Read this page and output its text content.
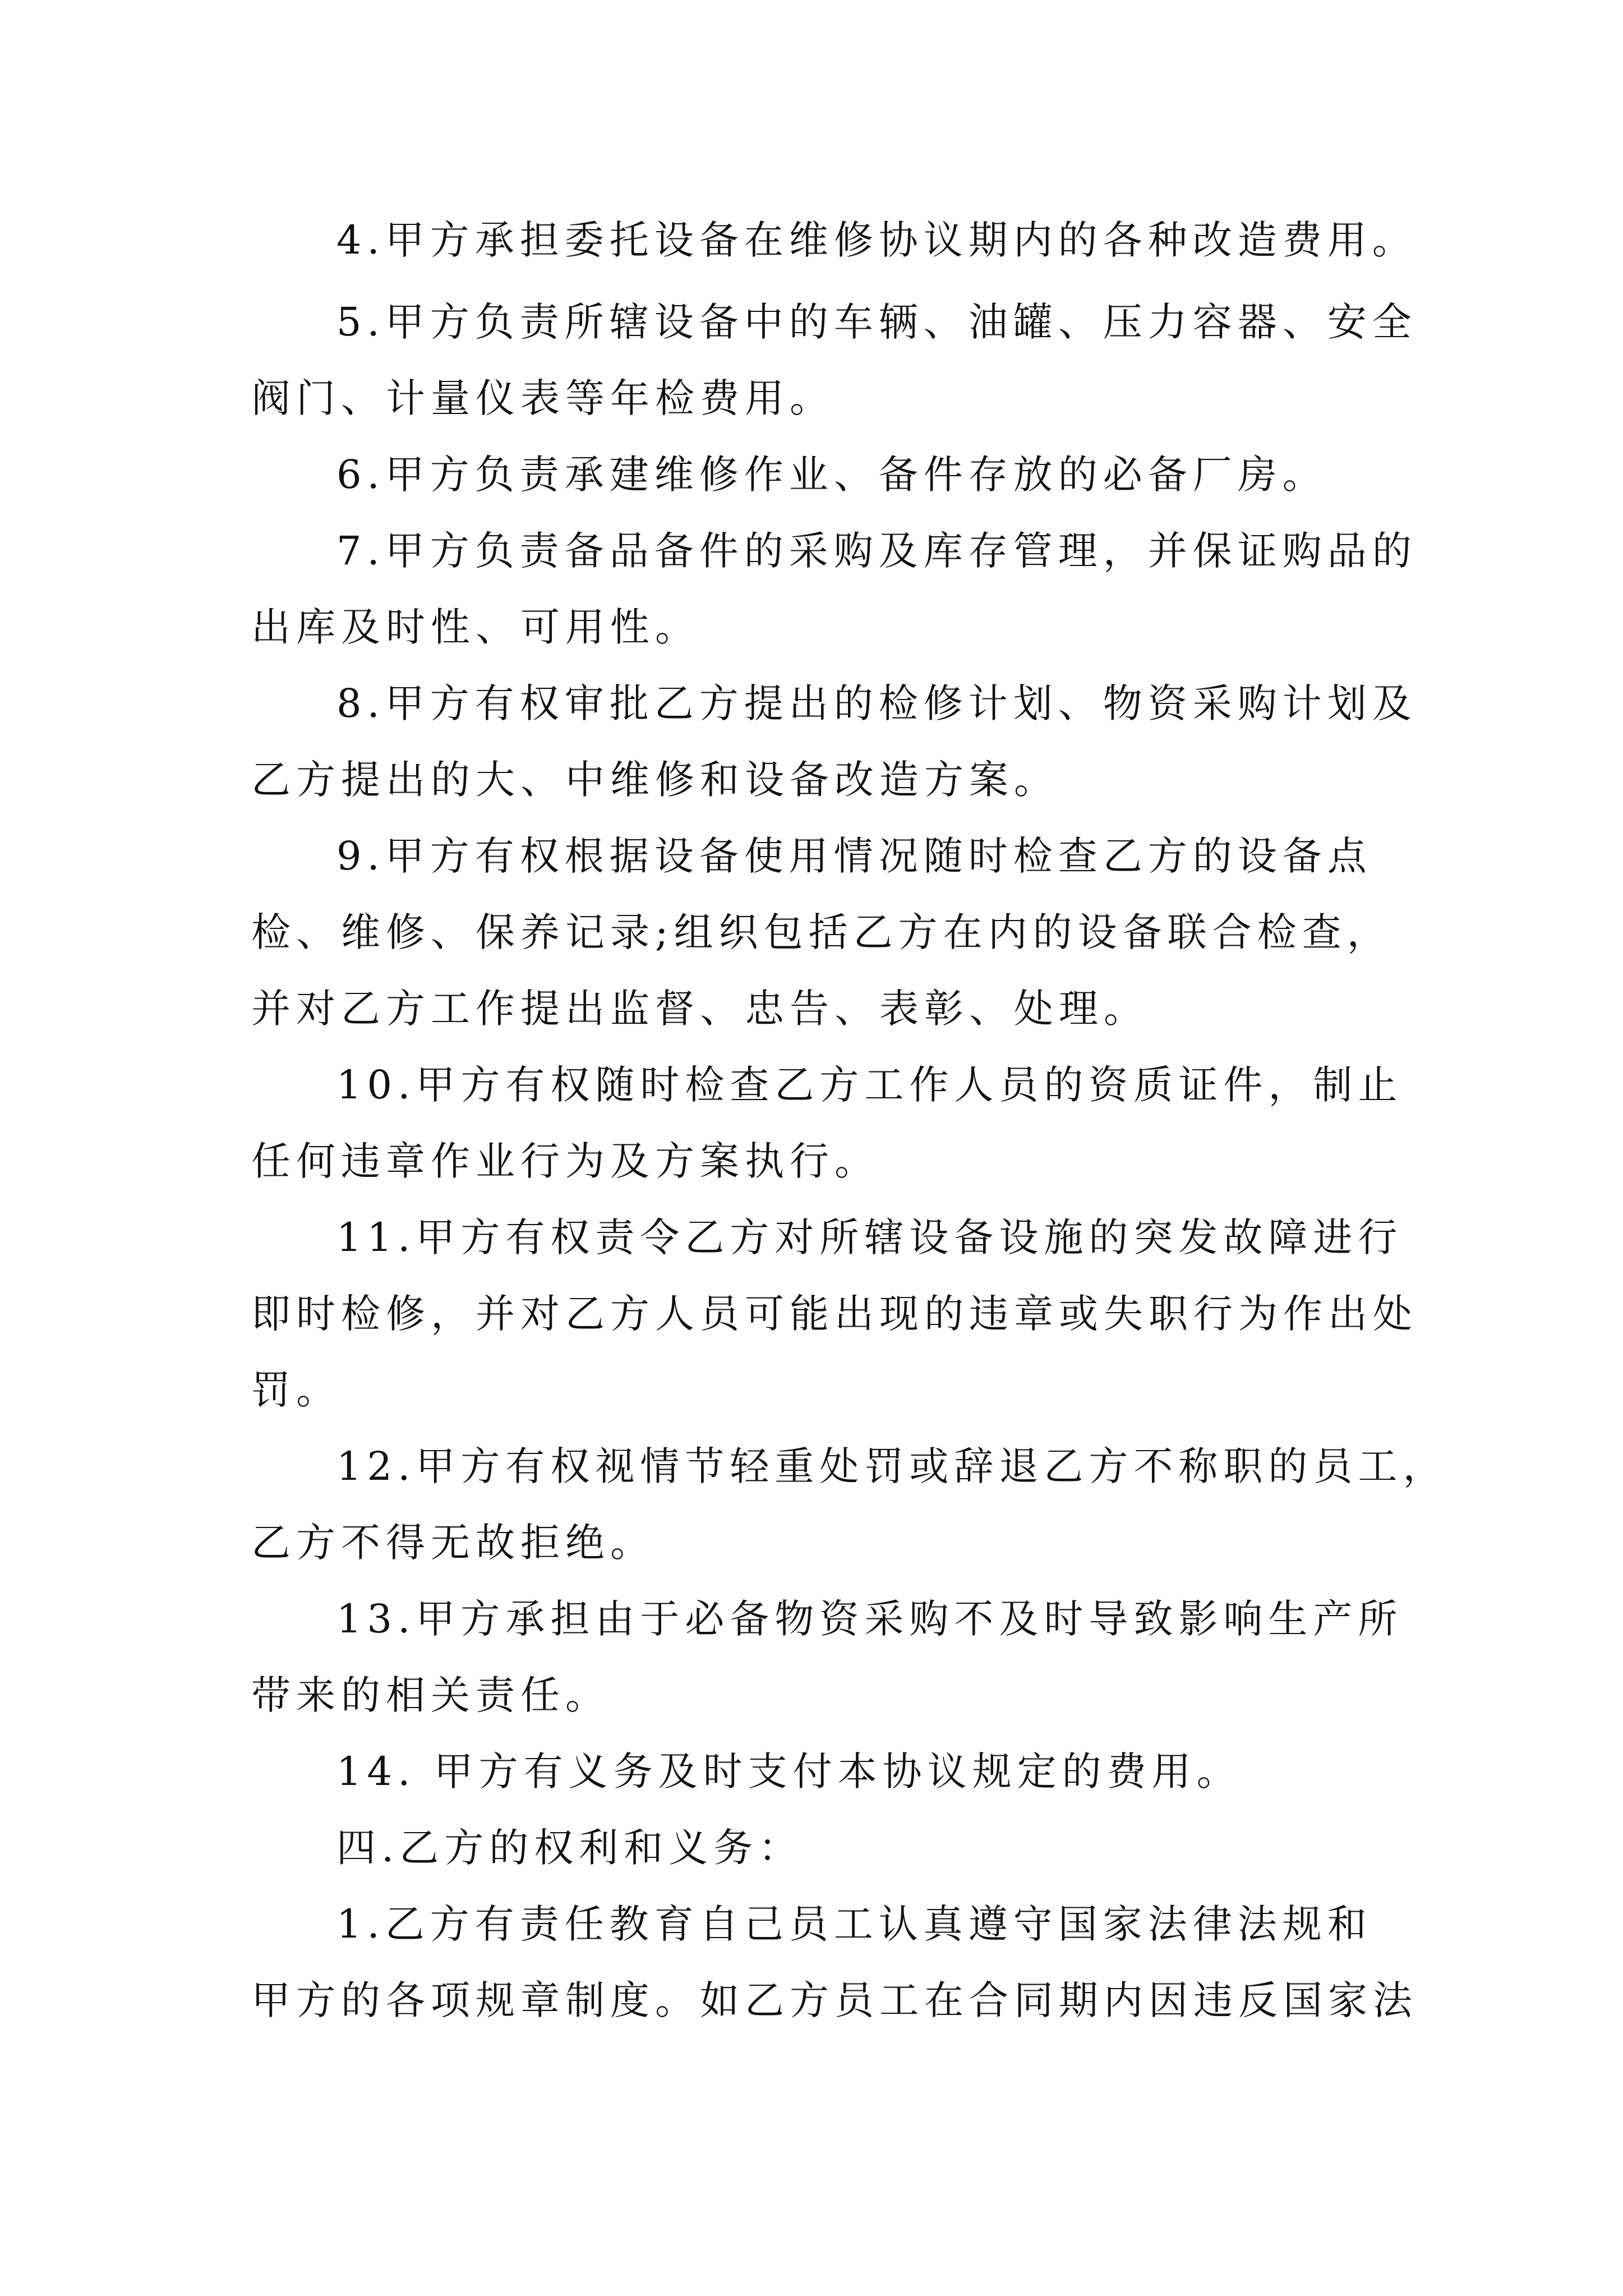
4.甲方承担委托设备在维修协议期内的各种改造费用。
5.甲方负责所辖设备中的车辆、油罐、压力容器、安全
阀门、计量仪表等年检费用。
6.甲方负责承建维修作业、备件存放的必备厂房。
7.甲方负责备品备件的采购及库存管理，并保证购品的
出库及时性、可用性。
8.甲方有权审批乙方提出的检修计划、物资采购计划及
乙方提出的大、中维修和设备改造方案。
9.甲方有权根据设备使用情况随时检查乙方的设备点
检、维修、保养记录;组织包括乙方在内的设备联合检查，
并对乙方工作提出监督、忠告、表彰、处理。
10.甲方有权随时检查乙方工作人员的资质证件，制止
任何违章作业行为及方案执行。
11.甲方有权责令乙方对所辖设备设施的突发故障进行
即时检修，并对乙方人员可能出现的违章或失职行为作出处
罚。
12.甲方有权视情节轻重处罚或辞退乙方不称职的员工，
乙方不得无故拒绝。
13.甲方承担由于必备物资采购不及时导致影响生产所
带来的相关责任。
14. 甲方有义务及时支付本协议规定的费用。
四.乙方的权利和义务：
1.乙方有责任教育自己员工认真遵守国家法律法规和
甲方的各项规章制度。如乙方员工在合同期内因违反国家法
